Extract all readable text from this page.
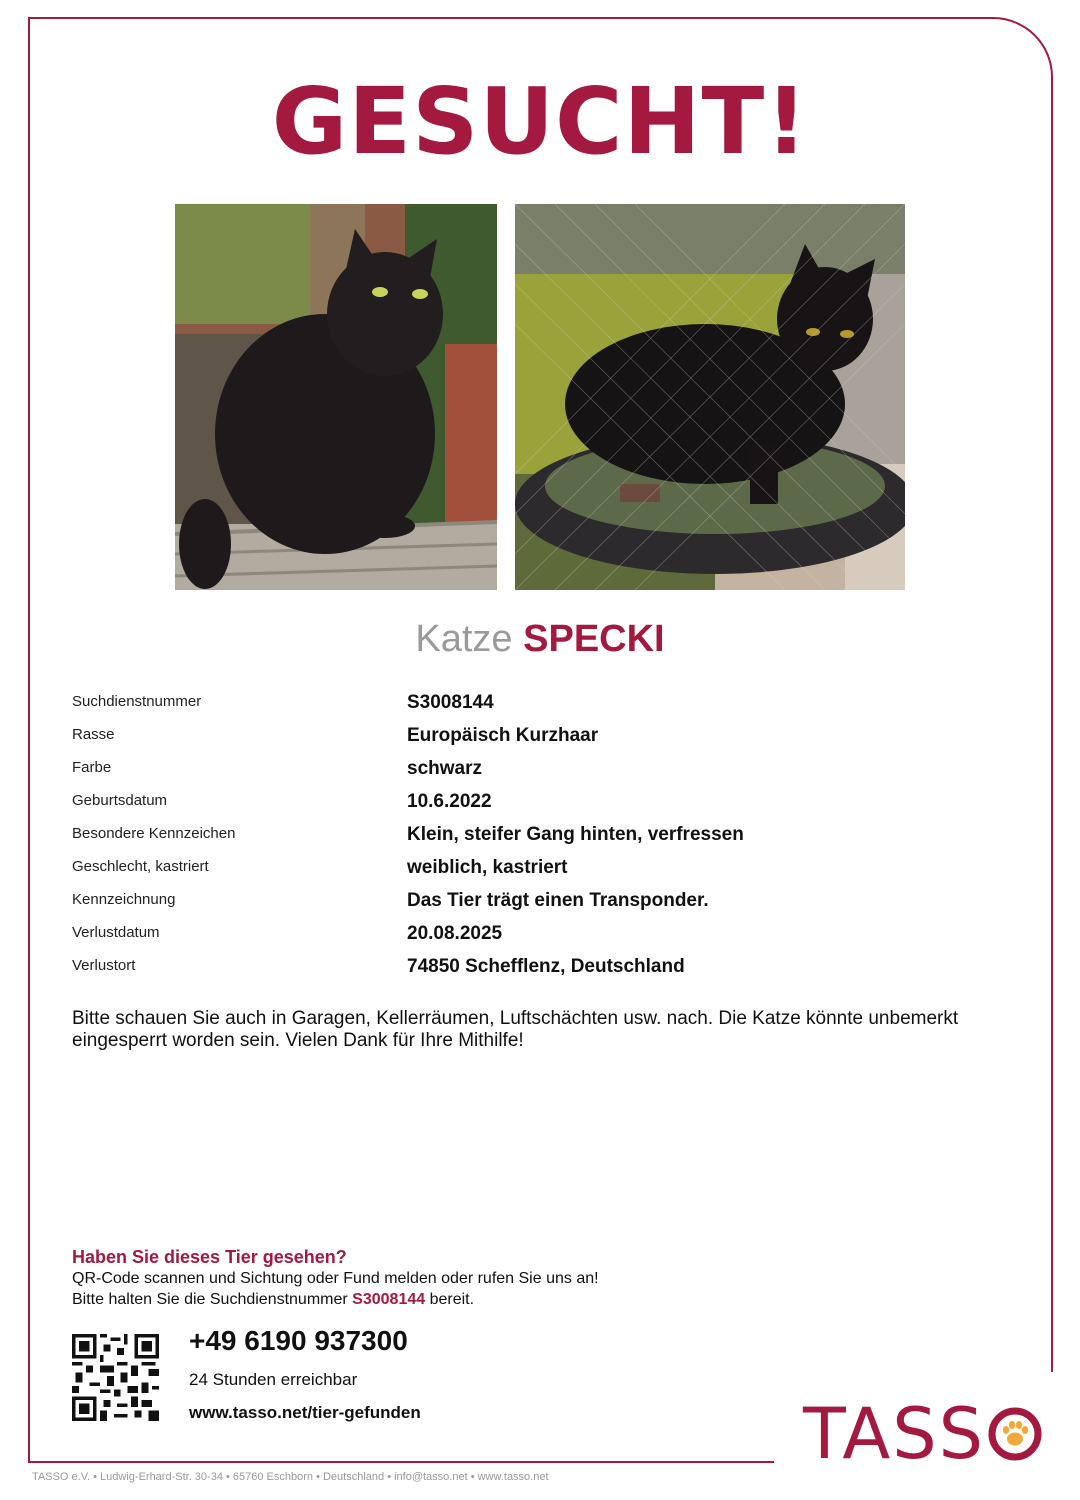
GESUCHT!
Katze SPECKI
Suchdienstnummer	S3008144
Rasse	Europäisch Kurzhaar
Farbe	schwarz
Geburtsdatum	10.6.2022
Besondere Kennzeichen	Klein, steifer Gang hinten, verfressen
Geschlecht, kastriert	weiblich, kastriert
Kennzeichnung	Das Tier trägt einen Transponder.
Verlustdatum	20.08.2025
Verlustort	74850 Schefflenz, Deutschland

Bitte schauen Sie auch in Garagen, Kellerräumen, Luftschächten usw. nach. Die Katze könnte unbemerkt eingesperrt worden sein. Vielen Dank für Ihre Mithilfe!

Haben Sie dieses Tier gesehen?
QR-Code scannen und Sichtung oder Fund melden oder rufen Sie uns an!
Bitte halten Sie die Suchdienstnummer S3008144 bereit.
+49 6190 937300
24 Stunden erreichbar
www.tasso.net/tier-gefunden	TASS
TASSO e.V. • Ludwig-Erhard-Str. 30-34 • 65760 Eschborn • Deutschland • info@tasso.net • www.tasso.net
